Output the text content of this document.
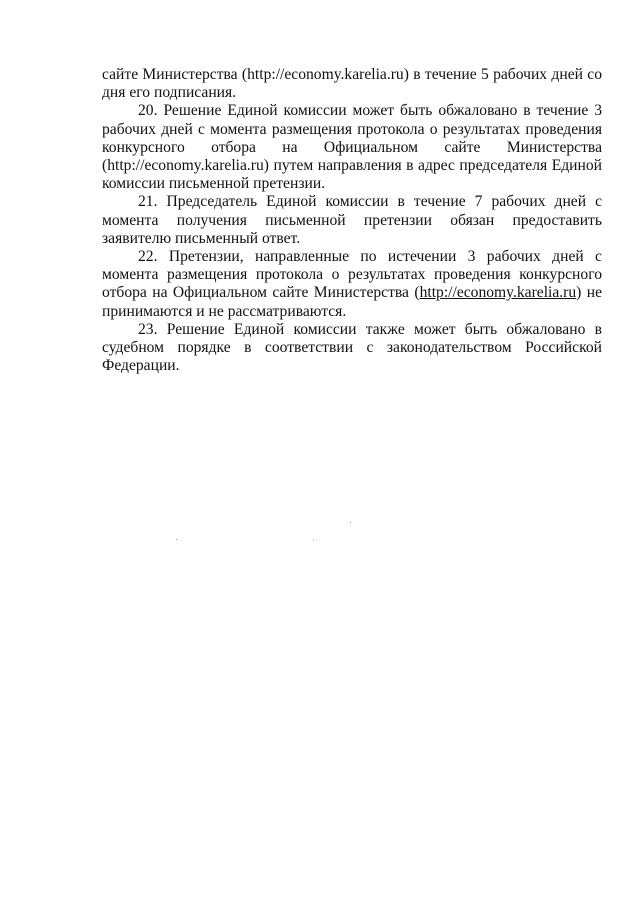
сайте Министерства (http://economy.karelia.ru) в течение 5 рабочих дней со дня его подписания.

20. Решение Единой комиссии может быть обжаловано в течение 3 рабочих дней с момента размещения протокола о результатах проведения конкурсного отбора на Официальном сайте Министерства (http://economy.karelia.ru) путем направления в адрес председателя Единой комиссии письменной претензии.

21. Председатель Единой комиссии в течение 7 рабочих дней с момента получения письменной претензии обязан предоставить заявителю письменный ответ.

22. Претензии, направленные по истечении 3 рабочих дней с момента размещения протокола о результатах проведения конкурсного отбора на Официальном сайте Министерства (http://economy.karelia.ru) не принимаются и не рассматриваются.

23. Решение Единой комиссии также может быть обжаловано в судебном порядке в соответствии с законодательством Российской Федерации.
